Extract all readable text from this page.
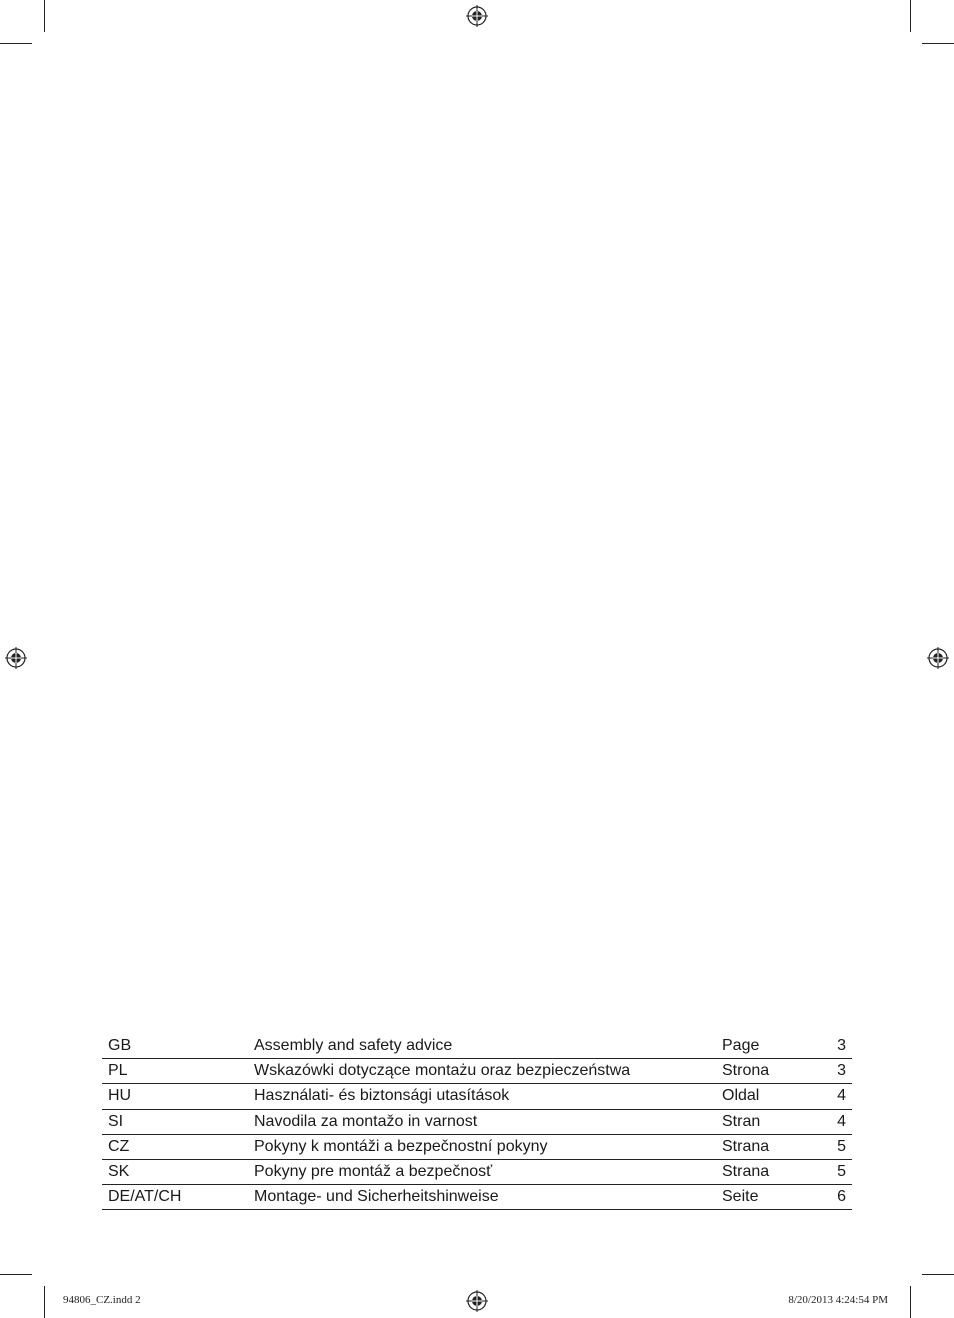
GB	Assembly and safety advice	Page	3
PL	Wskazówki dotyczące montażu oraz bezpieczeństwa	Strona	3
HU	Használati- és biztonsági utasítások	Oldal	4
SI	Navodila za montažo in varnost	Stran	4
CZ	Pokyny k montáži a bezpečnostní pokyny	Strana	5
SK	Pokyny pre montáž a bezpečnosť	Strana	5
DE/AT/CH	Montage- und Sicherheitshinweise	Seite	6
94806_CZ.indd 2	8/20/2013 4:24:54 PM
